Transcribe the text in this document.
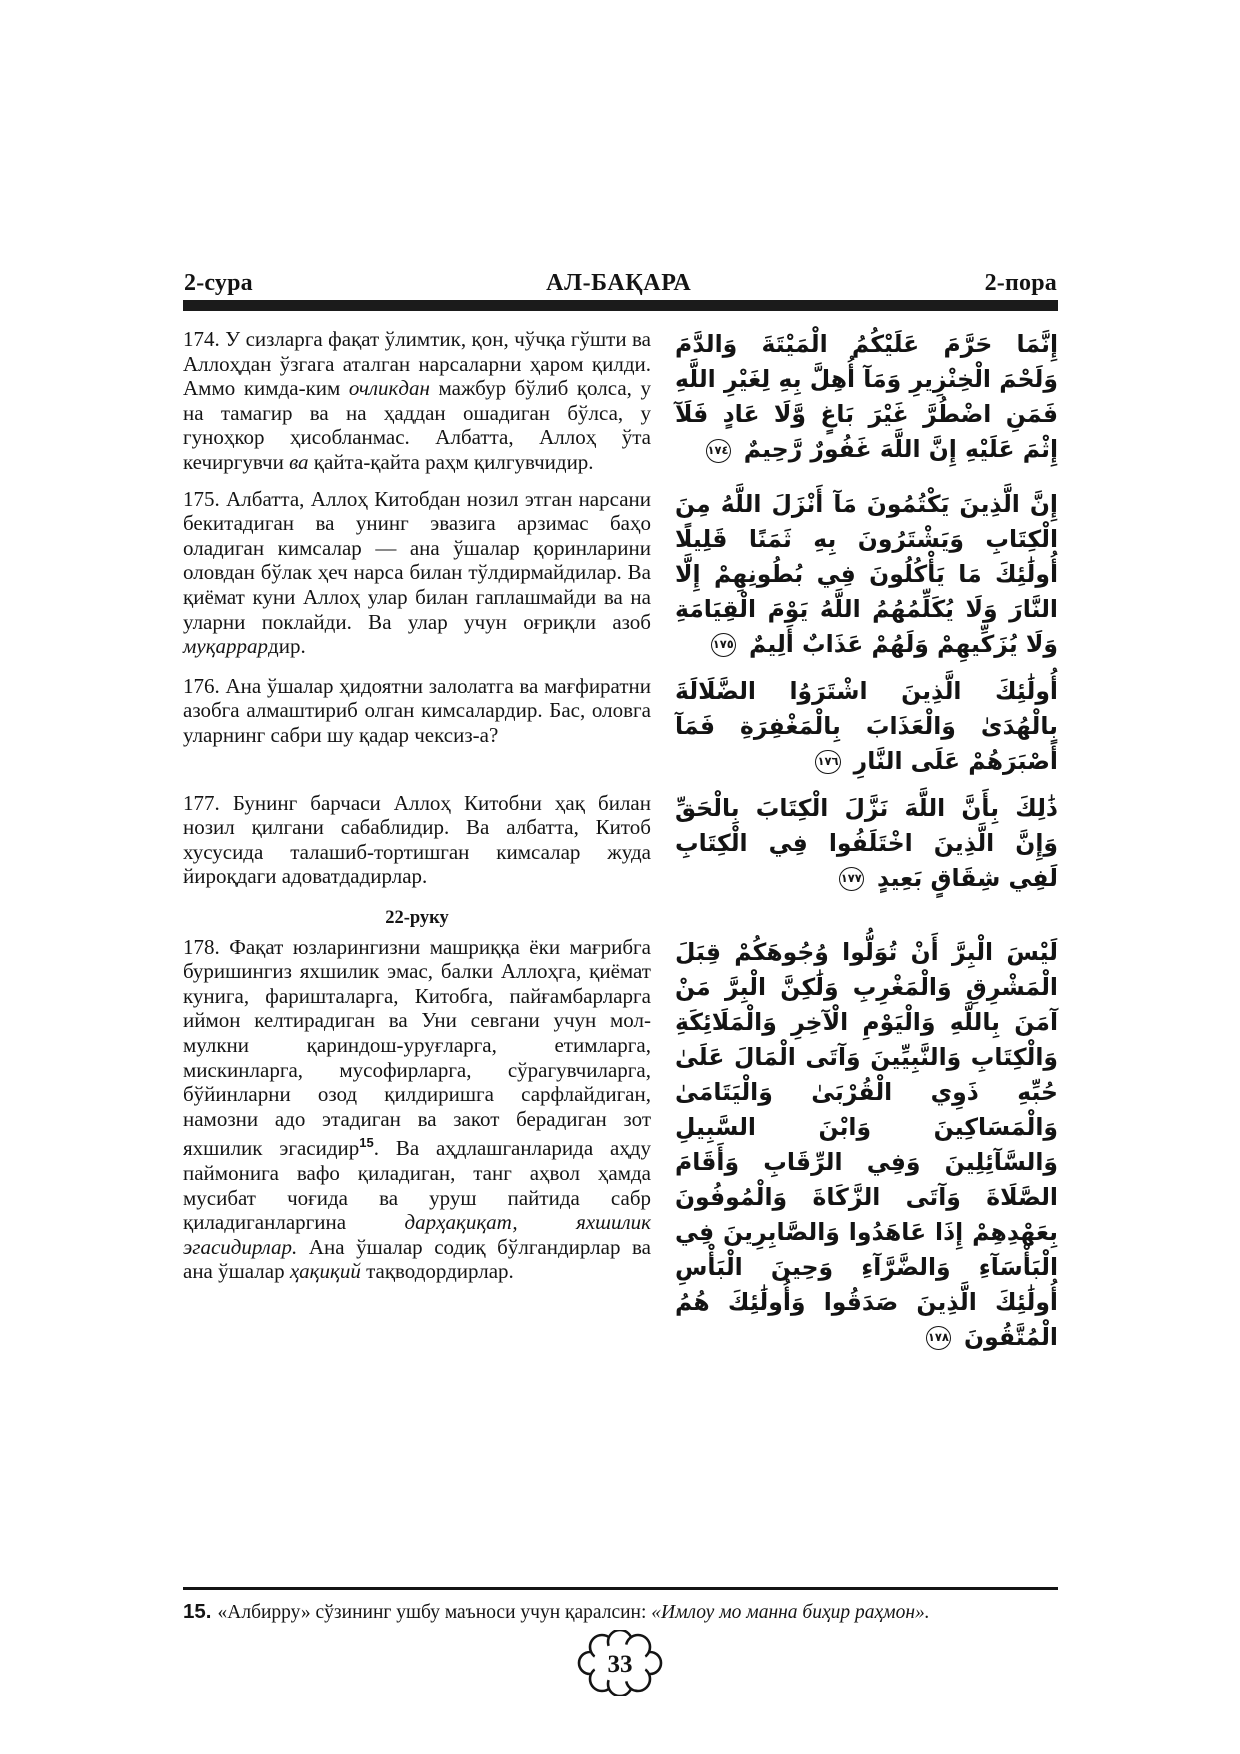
2-сура	АЛ-БАҚАРА	2-пора

174. У сизларга фақат ўлимтик, қон, чўчқа гўшти ва Аллоҳдан ўзгага аталган нарсаларни ҳаром қилди. Аммо кимда-ким очликдан мажбур бўлиб қолса, у на тамагир ва на ҳаддан ошадиган бўлса, у гуноҳкор ҳисобланмас. Албатта, Аллоҳ ўта кечиргувчи ва қайта-қайта раҳм қилгувчидир.

إِنَّمَا حَرَّمَ عَلَيْكُمُ الْمَيْتَةَ وَالدَّمَ وَلَحْمَ الْخِنْزِيرِ وَمَآ أُهِلَّ بِهِ لِغَيْرِ اللَّهِ فَمَنِ اضْطُرَّ غَيْرَ بَاغٍ وَّلَا عَادٍ فَلَآ إِثْمَ عَلَيْهِ إِنَّ اللَّهَ غَفُورٌ رَّحِيمٌ ١٧٤

175. Албатта, Аллоҳ Китобдан нозил этган нарсани бекитадиган ва унинг эвазига арзимас баҳо оладиган кимсалар — ана ўшалар қоринларини оловдан бўлак ҳеч нарса билан тўлдирмайдилар. Ва қиёмат куни Аллоҳ улар билан гаплашмайди ва на уларни поклайди. Ва улар учун оғриқли азоб муқаррардир.

إِنَّ الَّذِينَ يَكْتُمُونَ مَآ أَنْزَلَ اللَّهُ مِنَ الْكِتَابِ وَيَشْتَرُونَ بِهِ ثَمَنًا قَلِيلًا أُولَٰئِكَ مَا يَأْكُلُونَ فِي بُطُونِهِمْ إِلَّا النَّارَ وَلَا يُكَلِّمُهُمُ اللَّهُ يَوْمَ الْقِيَامَةِ وَلَا يُزَكِّيهِمْ وَلَهُمْ عَذَابٌ أَلِيمٌ ١٧٥

176. Ана ўшалар ҳидоятни залолатга ва мағфиратни азобга алмаштириб олган кимсалардир. Бас, оловга уларнинг сабри шу қадар чексиз-а?

أُولَٰئِكَ الَّذِينَ اشْتَرَوُا الضَّلَالَةَ بِالْهُدَىٰ وَالْعَذَابَ بِالْمَغْفِرَةِ فَمَآ أَصْبَرَهُمْ عَلَى النَّارِ ١٧٦

177. Бунинг барчаси Аллоҳ Китобни ҳақ билан нозил қилгани сабаблидир. Ва албатта, Китоб хусусида талашиб-тортишган кимсалар жуда йироқдаги адоватдадирлар.

ذَٰلِكَ بِأَنَّ اللَّهَ نَزَّلَ الْكِتَابَ بِالْحَقِّ وَإِنَّ الَّذِينَ اخْتَلَفُوا فِي الْكِتَابِ لَفِي شِقَاقٍ بَعِيدٍ ١٧٧

22-руку

178. Фақат юзларингизни машриққа ёки мағрибга буришингиз яхшилик эмас, балки Аллоҳга, қиёмат кунига, фаришталарга, Китобга, пайғамбарларга иймон келтирадиган ва Уни севгани учун мол-мулкни қариндош-уруғларга, етимларга, мискинларга, мусофирларга, сўрагувчиларга, бўйинларни озод қилдиришга сарфлайдиган, намозни адо этадиган ва закот берадиган зот яхшилик эгасидир$^{15}$. Ва аҳдлашганларида аҳду паймонига вафо қиладиган, танг аҳвол ҳамда мусибат чоғида ва уруш пайтида сабр қиладиганларгина дарҳақиқат, яхшилик эгасидирлар. Ана ўшалар содиқ бўлгандирлар ва ана ўшалар ҳақиқий тақводордирлар.

لَيْسَ الْبِرَّ أَنْ تُوَلُّوا وُجُوهَكُمْ قِبَلَ الْمَشْرِقِ وَالْمَغْرِبِ وَلَٰكِنَّ الْبِرَّ مَنْ آمَنَ بِاللَّهِ وَالْيَوْمِ الْآخِرِ وَالْمَلَائِكَةِ وَالْكِتَابِ وَالنَّبِيِّينَ وَآتَى الْمَالَ عَلَىٰ حُبِّهِ ذَوِي الْقُرْبَىٰ وَالْيَتَامَىٰ وَالْمَسَاكِينَ وَابْنَ السَّبِيلِ وَالسَّآئِلِينَ وَفِي الرِّقَابِ وَأَقَامَ الصَّلَاةَ وَآتَى الزَّكَاةَ وَالْمُوفُونَ بِعَهْدِهِمْ إِذَا عَاهَدُوا وَالصَّابِرِينَ فِي الْبَأْسَآءِ وَالضَّرَّآءِ وَحِينَ الْبَأْسِ أُولَٰئِكَ الَّذِينَ صَدَقُوا وَأُولَٰئِكَ هُمُ الْمُتَّقُونَ ١٧٨

15. «Албирру» сўзининг ушбу маъноси учун қаралсин: «Имлоу мо манна биҳир раҳмон».
33
